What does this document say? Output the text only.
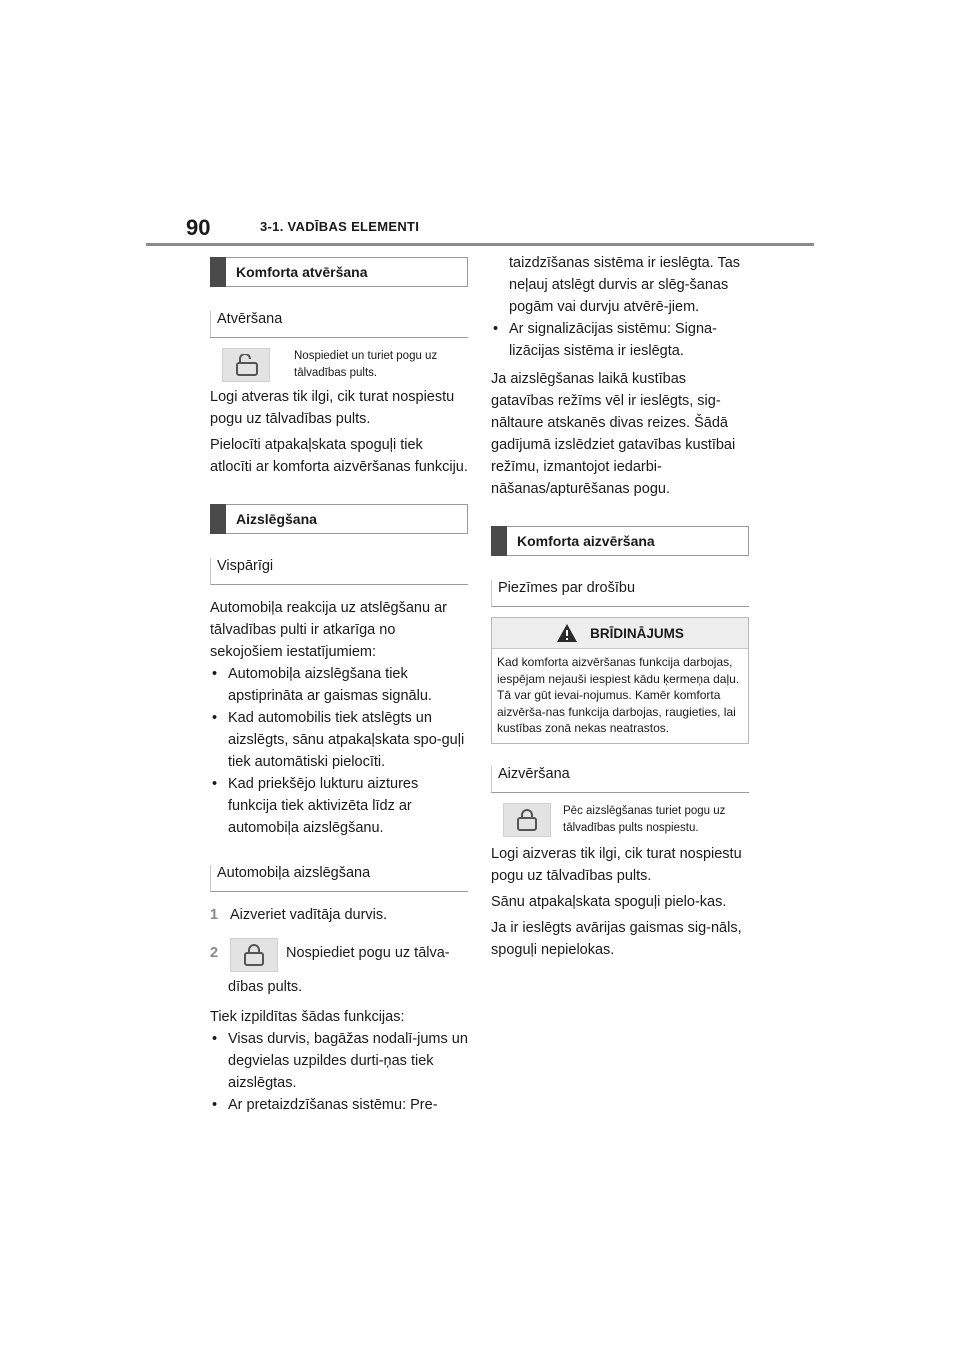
90	3-1. VADĪBAS ELEMENTI
Komforta atvēršana
Atvēršana
Nospiediet un turiet pogu uz tālvadības pults.

Logi atveras tik ilgi, cik turat nospiestu pogu uz tālvadības pults.

Pielocīti atpakaļskata spoguļi tiek atlocīti ar komforta aizvēršanas funkciju.

Aizslēgšana
Vispārīgi

Automobiļa reakcija uz atslēgšanu ar tālvadības pulti ir atkarīga no sekojošiem iestatījumiem:

• Automobiļa aizslēgšana tiek apstiprināta ar gaismas signālu.
• Kad automobilis tiek atslēgts un aizslēgts, sānu atpakaļskata spo-guļi tiek automātiski pielocīti.
• Kad priekšējo lukturu aiztures funkcija tiek aktivizēta līdz ar automobiļa aizslēgšanu.
Automobiļa aizslēgšana
1 Aizveriet vadītāja durvis.
2	Nospiediet pogu uz tālva-
dības pults.

Tiek izpildītas šādas funkcijas:

• Visas durvis, bagāžas nodalī-jums un degvielas uzpildes durti-ņas tiek aizslēgtas.
• Ar pretaizdzīšanas sistēmu: Pre-
taizdzīšanas sistēma ir ieslēgta. Tas neļauj atslēgt durvis ar slēg-šanas pogām vai durvju atvērē-jiem.
• Ar signalizācijas sistēmu: Signa-lizācijas sistēma ir ieslēgta.

Ja aizslēgšanas laikā kustības gatavības režīms vēl ir ieslēgts, sig-nāltaure atskanēs divas reizes. Šādā gadījumā izslēdziet gatavības kustībai režīmu, izmantojot iedarbi-nāšanas/apturēšanas pogu.

Komforta aizvēršana
Piezīmes par drošību
BRĪDINĀJUMS
Kad komforta aizvēršanas funkcija darbojas, iespējam nejauši iespiest kādu ķermeņa daļu. Tā var gūt ievai-nojumus. Kamēr komforta aizvērša-nas funkcija darbojas, raugieties, lai kustības zonā nekas neatrastos.
Aizvēršana
Pēc aizslēgšanas turiet pogu uz tālvadības pults nospiestu.

Logi aizveras tik ilgi, cik turat nospiestu pogu uz tālvadības pults.

Sānu atpakaļskata spoguļi pielo-kas.

Ja ir ieslēgts avārijas gaismas sig-nāls, spoguļi nepielokas.
